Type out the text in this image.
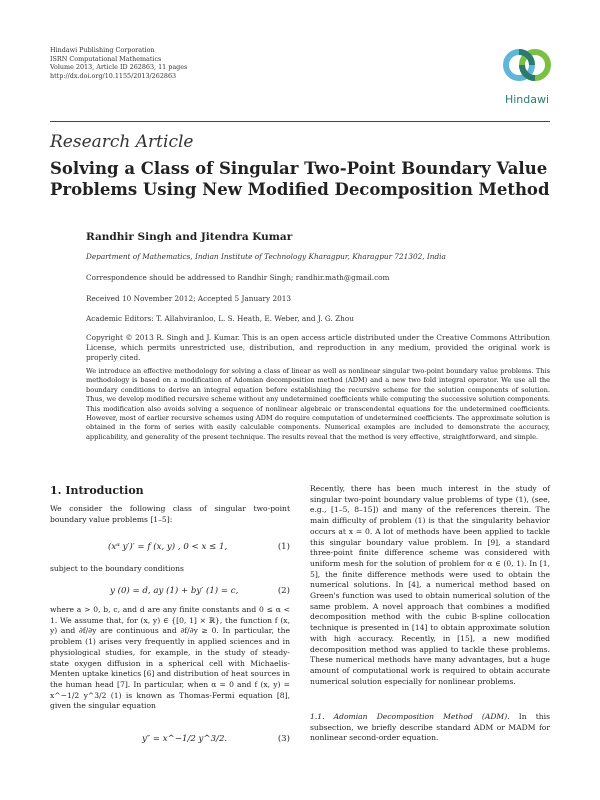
Hindawi Publishing Corporation
ISRN Computational Mathematics
Volume 2013, Article ID 262863, 11 pages
http://dx.doi.org/10.1155/2013/262863
Hindawi
Research Article
Solving a Class of Singular Two-Point Boundary Value Problems Using New Modified Decomposition Method
Randhir Singh and Jitendra Kumar
Department of Mathematics, Indian Institute of Technology Kharagpur, Kharagpur 721302, India
Correspondence should be addressed to Randhir Singh; randhir.math@gmail.com
Received 10 November 2012; Accepted 5 January 2013
Academic Editors: T. Allahviranloo, L. S. Heath, E. Weber, and J. G. Zhou
Copyright © 2013 R. Singh and J. Kumar. This is an open access article distributed under the Creative Commons Attribution License, which permits unrestricted use, distribution, and reproduction in any medium, provided the original work is properly cited.
We introduce an effective methodology for solving a class of linear as well as nonlinear singular two-point boundary value problems. This methodology is based on a modification of Adomian decomposition method (ADM) and a new two fold integral operator. We use all the boundary conditions to derive an integral equation before establishing the recursive scheme for the solution components of solution. Thus, we develop modified recursive scheme without any undetermined coefficients while computing the successive solution components. This modification also avoids solving a sequence of nonlinear algebraic or transcendental equations for the undetermined coefficients. However, most of earlier recursive schemes using ADM do require computation of undetermined coefficients. The approximate solution is obtained in the form of series with easily calculable components. Numerical examples are included to demonstrate the accuracy, applicability, and generality of the present technique. The results reveal that the method is very effective, straightforward, and simple.
1. Introduction
We consider the following class of singular two-point boundary value problems [1–5]:
(xᵅ y′)′ = f (x, y) , 0 < x ≤ 1,	(1)
subject to the boundary conditions
y (0) = d, ay (1) + by′ (1) = c,	(2)
where a > 0, b, c, and d are any finite constants and 0 ≤ α < 1. We assume that, for (x, y) ∈ {[0, 1] × ℝ}, the function f (x, y) and ∂f/∂y are continuous and ∂f/∂y ≥ 0. In particular, the problem (1) arises very frequently in applied sciences and in physiological studies, for example, in the study of steady-state oxygen diffusion in a spherical cell with Michaelis-Menten uptake kinetics [6] and distribution of heat sources in the human head [7]. In particular, when α = 0 and f (x, y) = x^−1/2 y^3/2 (1) is known as Thomas-Fermi equation [8], given the singular equation
y″ = x^−1/2 y^3/2.	(3)
Recently, there has been much interest in the study of singular two-point boundary value problems of type (1), (see, e.g., [1–5, 8–15]) and many of the references therein. The main difficulty of problem (1) is that the singularity behavior occurs at x = 0. A lot of methods have been applied to tackle this singular boundary value problem. In [9], a standard three-point finite difference scheme was considered with uniform mesh for the solution of problem for α ∈ (0, 1). In [1, 5], the finite difference methods were used to obtain the numerical solutions. In [4], a numerical method based on Green's function was used to obtain numerical solution of the same problem. A novel approach that combines a modified decomposition method with the cubic B-spline collocation technique is presented in [14] to obtain approximate solution with high accuracy. Recently, in [15], a new modified decomposition method was applied to tackle these problems. These numerical methods have many advantages, but a huge amount of computational work is required to obtain accurate numerical solution especially for nonlinear problems.
1.1. Adomian Decomposition Method (ADM). In this subsection, we briefly describe standard ADM or MADM for nonlinear second-order equation.
